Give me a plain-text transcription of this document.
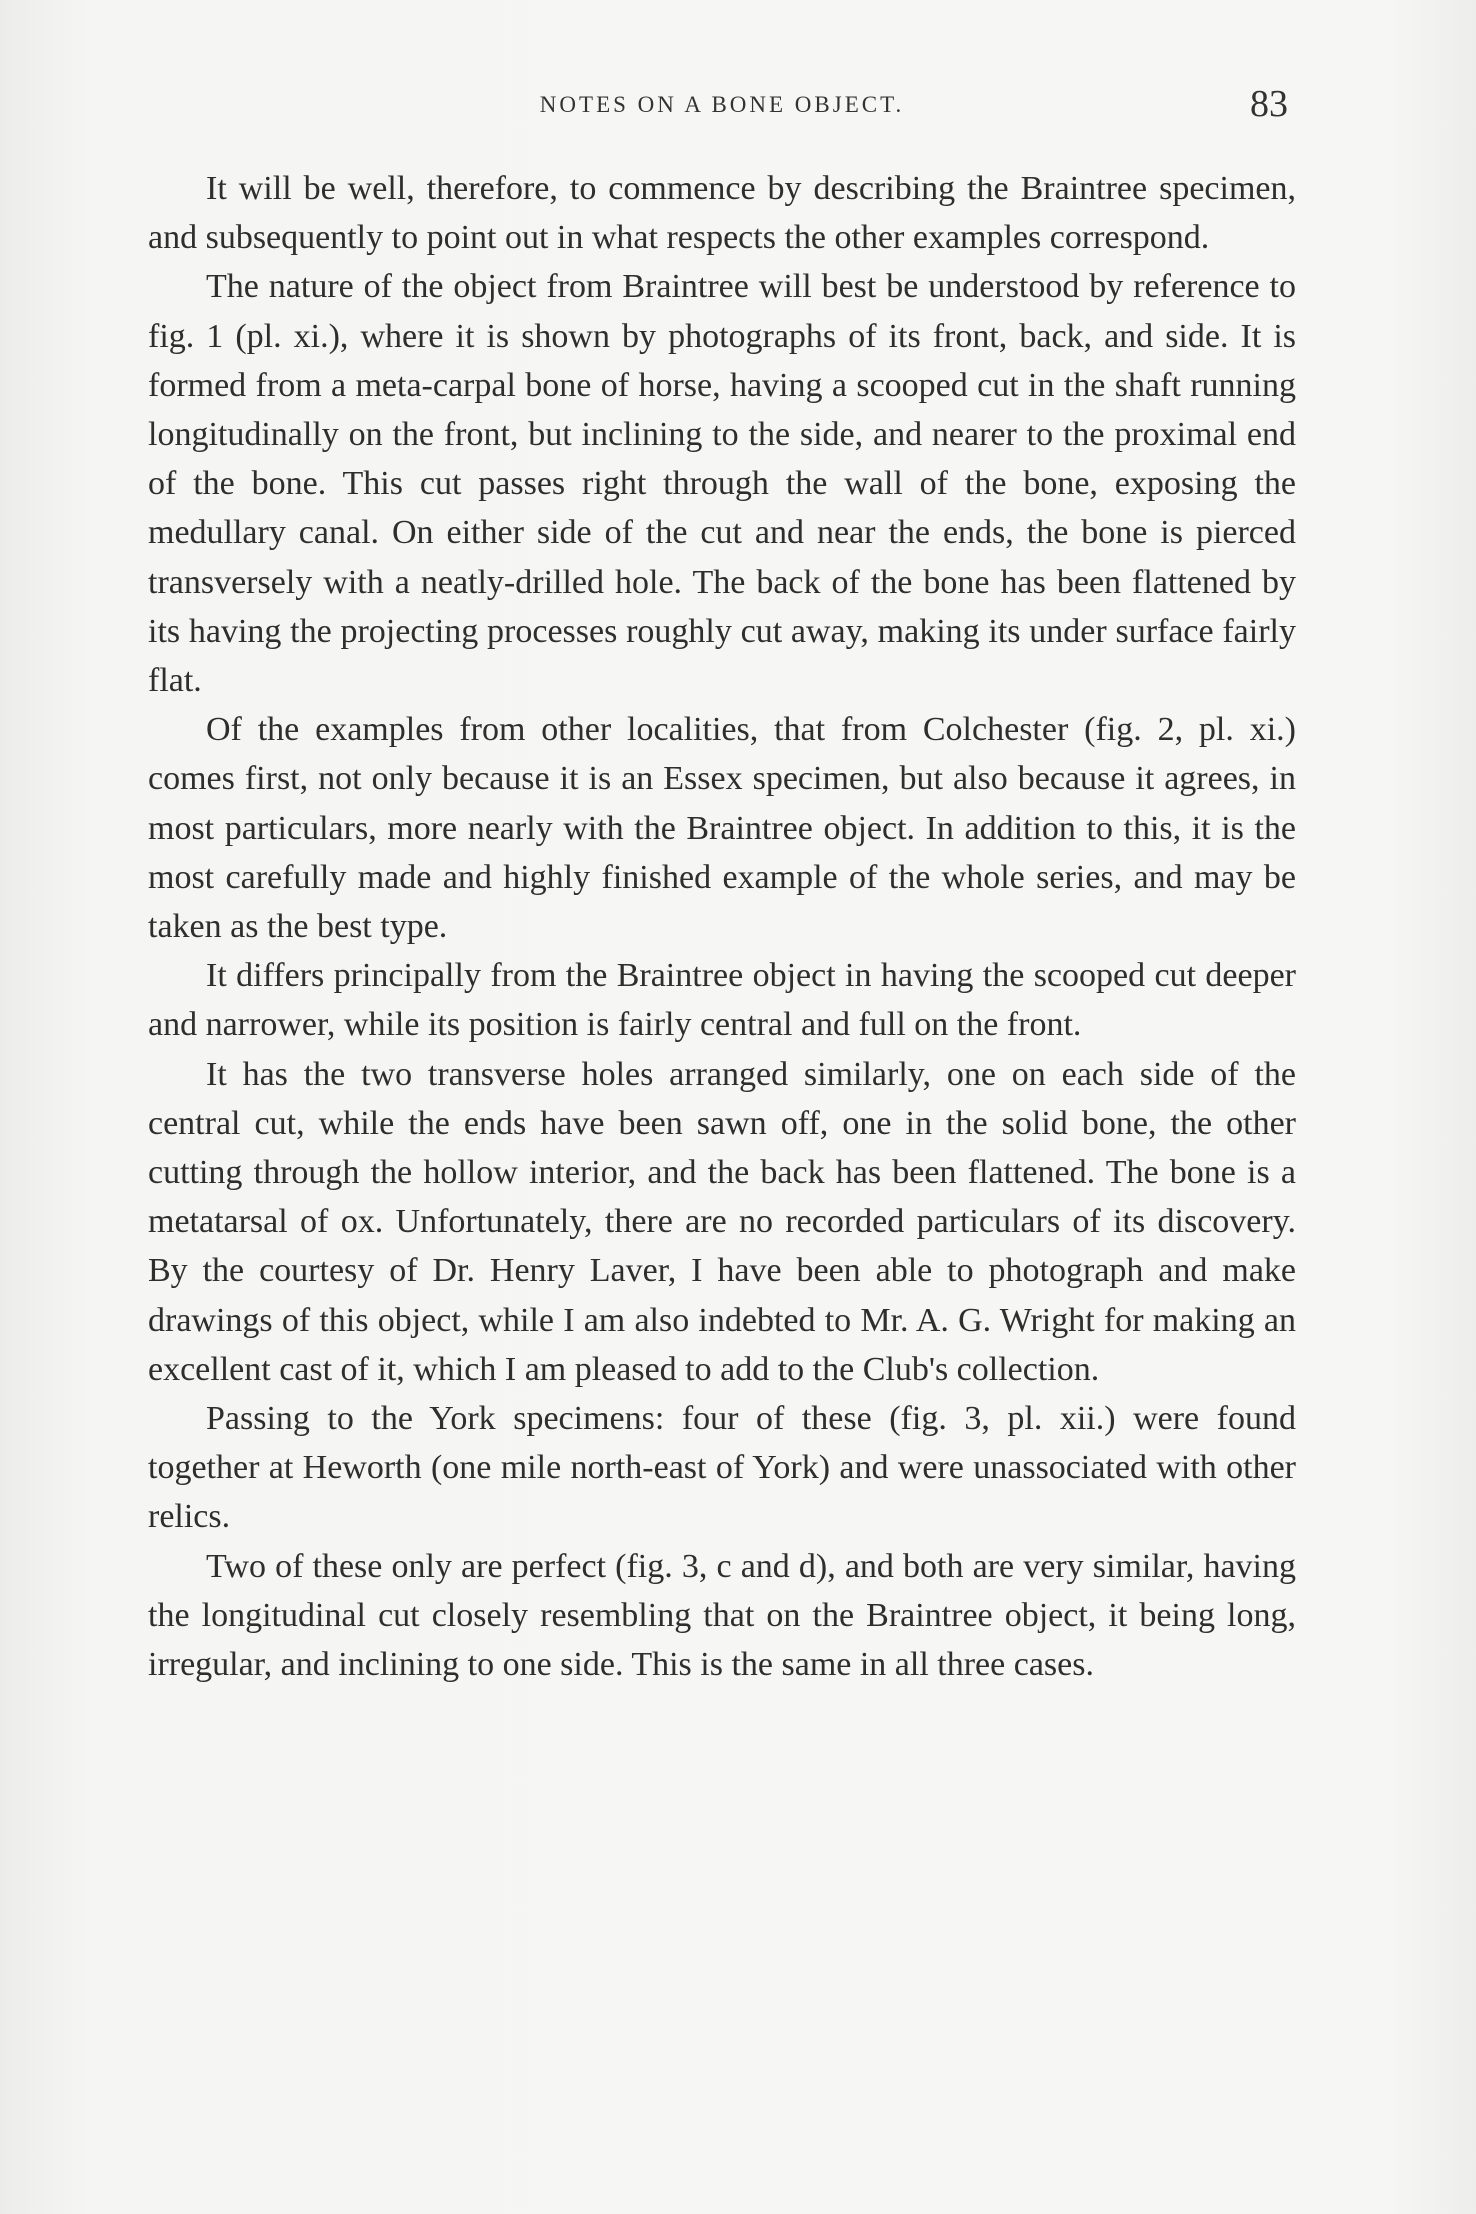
NOTES ON A BONE OBJECT.	83

It will be well, therefore, to commence by describing the Braintree specimen, and subsequently to point out in what respects the other examples correspond.

The nature of the object from Braintree will best be understood by reference to fig. 1 (pl. xi.), where it is shown by photographs of its front, back, and side. It is formed from a meta-carpal bone of horse, having a scooped cut in the shaft running longitudinally on the front, but inclining to the side, and nearer to the proximal end of the bone. This cut passes right through the wall of the bone, exposing the medullary canal. On either side of the cut and near the ends, the bone is pierced transversely with a neatly-drilled hole. The back of the bone has been flattened by its having the projecting processes roughly cut away, making its under surface fairly flat.

Of the examples from other localities, that from Colchester (fig. 2, pl. xi.) comes first, not only because it is an Essex specimen, but also because it agrees, in most particulars, more nearly with the Braintree object. In addition to this, it is the most carefully made and highly finished example of the whole series, and may be taken as the best type.

It differs principally from the Braintree object in having the scooped cut deeper and narrower, while its position is fairly central and full on the front.

It has the two transverse holes arranged similarly, one on each side of the central cut, while the ends have been sawn off, one in the solid bone, the other cutting through the hollow interior, and the back has been flattened. The bone is a metatarsal of ox. Unfortunately, there are no recorded particulars of its discovery. By the courtesy of Dr. Henry Laver, I have been able to photograph and make drawings of this object, while I am also indebted to Mr. A. G. Wright for making an excellent cast of it, which I am pleased to add to the Club's collection.

Passing to the York specimens: four of these (fig. 3, pl. xii.) were found together at Heworth (one mile north-east of York) and were unassociated with other relics.

Two of these only are perfect (fig. 3, c and d), and both are very similar, having the longitudinal cut closely resembling that on the Braintree object, it being long, irregular, and inclining to one side. This is the same in all three cases.
